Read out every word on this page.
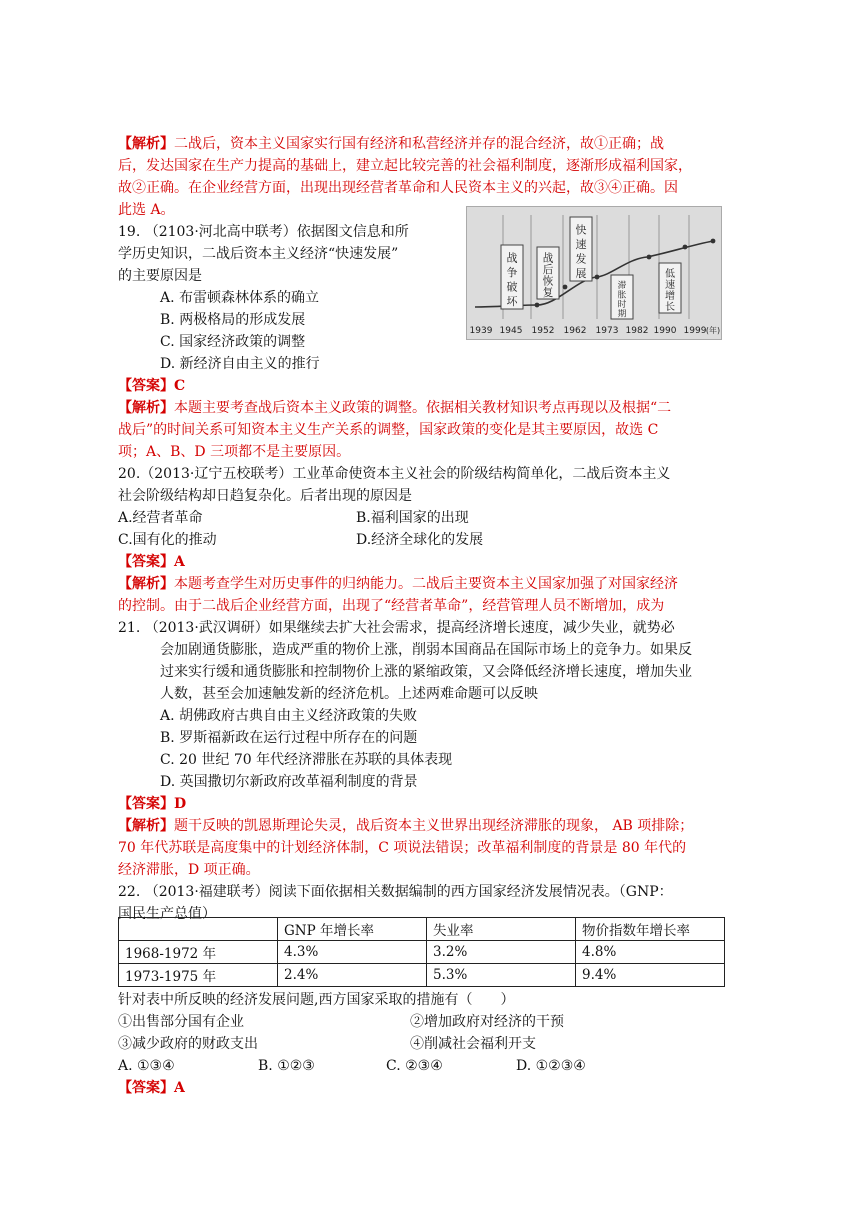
【解析】二战后，资本主义国家实行国有经济和私营经济并存的混合经济，故①正确；战
后，发达国家在生产力提高的基础上，建立起比较完善的社会福利制度，逐渐形成福利国家，
故②正确。在企业经营方面，出现出现经营者革命和人民资本主义的兴起，故③④正确。因
此选 A。
19. （2103·河北高中联考）依据图文信息和所
学历史知识，二战后资本主义经济“快速发展”
的主要原因是
A. 布雷顿森林体系的确立
B. 两极格局的形成发展
C. 国家经济政策的调整
D. 新经济自由主义的推行
战
争
破
坏
战
后
恢
复
快
速
发
展
滞
胀
时
期
低
速
增
长
1939 1945 1952 1962 1973 1982 1990 1999 (年)
【答案】C
【解析】本题主要考查战后资本主义政策的调整。依据相关教材知识考点再现以及根据“二
战后”的时间关系可知资本主义生产关系的调整，国家政策的变化是其主要原因，故选 C
项；A、B、D 三项都不是主要原因。
20.（2013·辽宁五校联考）工业革命使资本主义社会的阶级结构简单化，二战后资本主义
社会阶级结构却日趋复杂化。后者出现的原因是
A.经营者革命	B.福利国家的出现
C.国有化的推动	D.经济全球化的发展
【答案】A
【解析】本题考查学生对历史事件的归纳能力。二战后主要资本主义国家加强了对国家经济
的控制。由于二战后企业经营方面，出现了“经营者革命”，经营管理人员不断增加，成为
21. （2013·武汉调研）如果继续去扩大社会需求，提高经济增长速度，减少失业，就势必
会加剧通货膨胀，造成严重的物价上涨，削弱本国商品在国际市场上的竞争力。如果反
过来实行缓和通货膨胀和控制物价上涨的紧缩政策，又会降低经济增长速度，增加失业
人数，甚至会加速触发新的经济危机。上述两难命题可以反映
A. 胡佛政府古典自由主义经济政策的失败
B. 罗斯福新政在运行过程中所存在的问题
C. 20 世纪 70 年代经济滞胀在苏联的具体表现
D. 英国撒切尔新政府改革福利制度的背景
【答案】D
【解析】题干反映的凯恩斯理论失灵，战后资本主义世界出现经济滞胀的现象， AB 项排除；
70 年代苏联是高度集中的计划经济体制，C 项说法错误；改革福利制度的背景是 80 年代的
经济滞胀，D 项正确。
22. （2013·福建联考）阅读下面依据相关数据编制的西方国家经济发展情况表。（GNP：
国民生产总值）
	GNP 年增长率	失业率	物价指数年增长率
1968-1972 年	4.3%	3.2%	4.8%
1973-1975 年	2.4%	5.3%	9.4%
针对表中所反映的经济发展问题,西方国家采取的措施有（　　）
①出售部分国有企业	②增加政府对经济的干预
③减少政府的财政支出	④削减社会福利开支
A. ①③④	B. ①②③	C. ②③④	D. ①②③④
【答案】A
